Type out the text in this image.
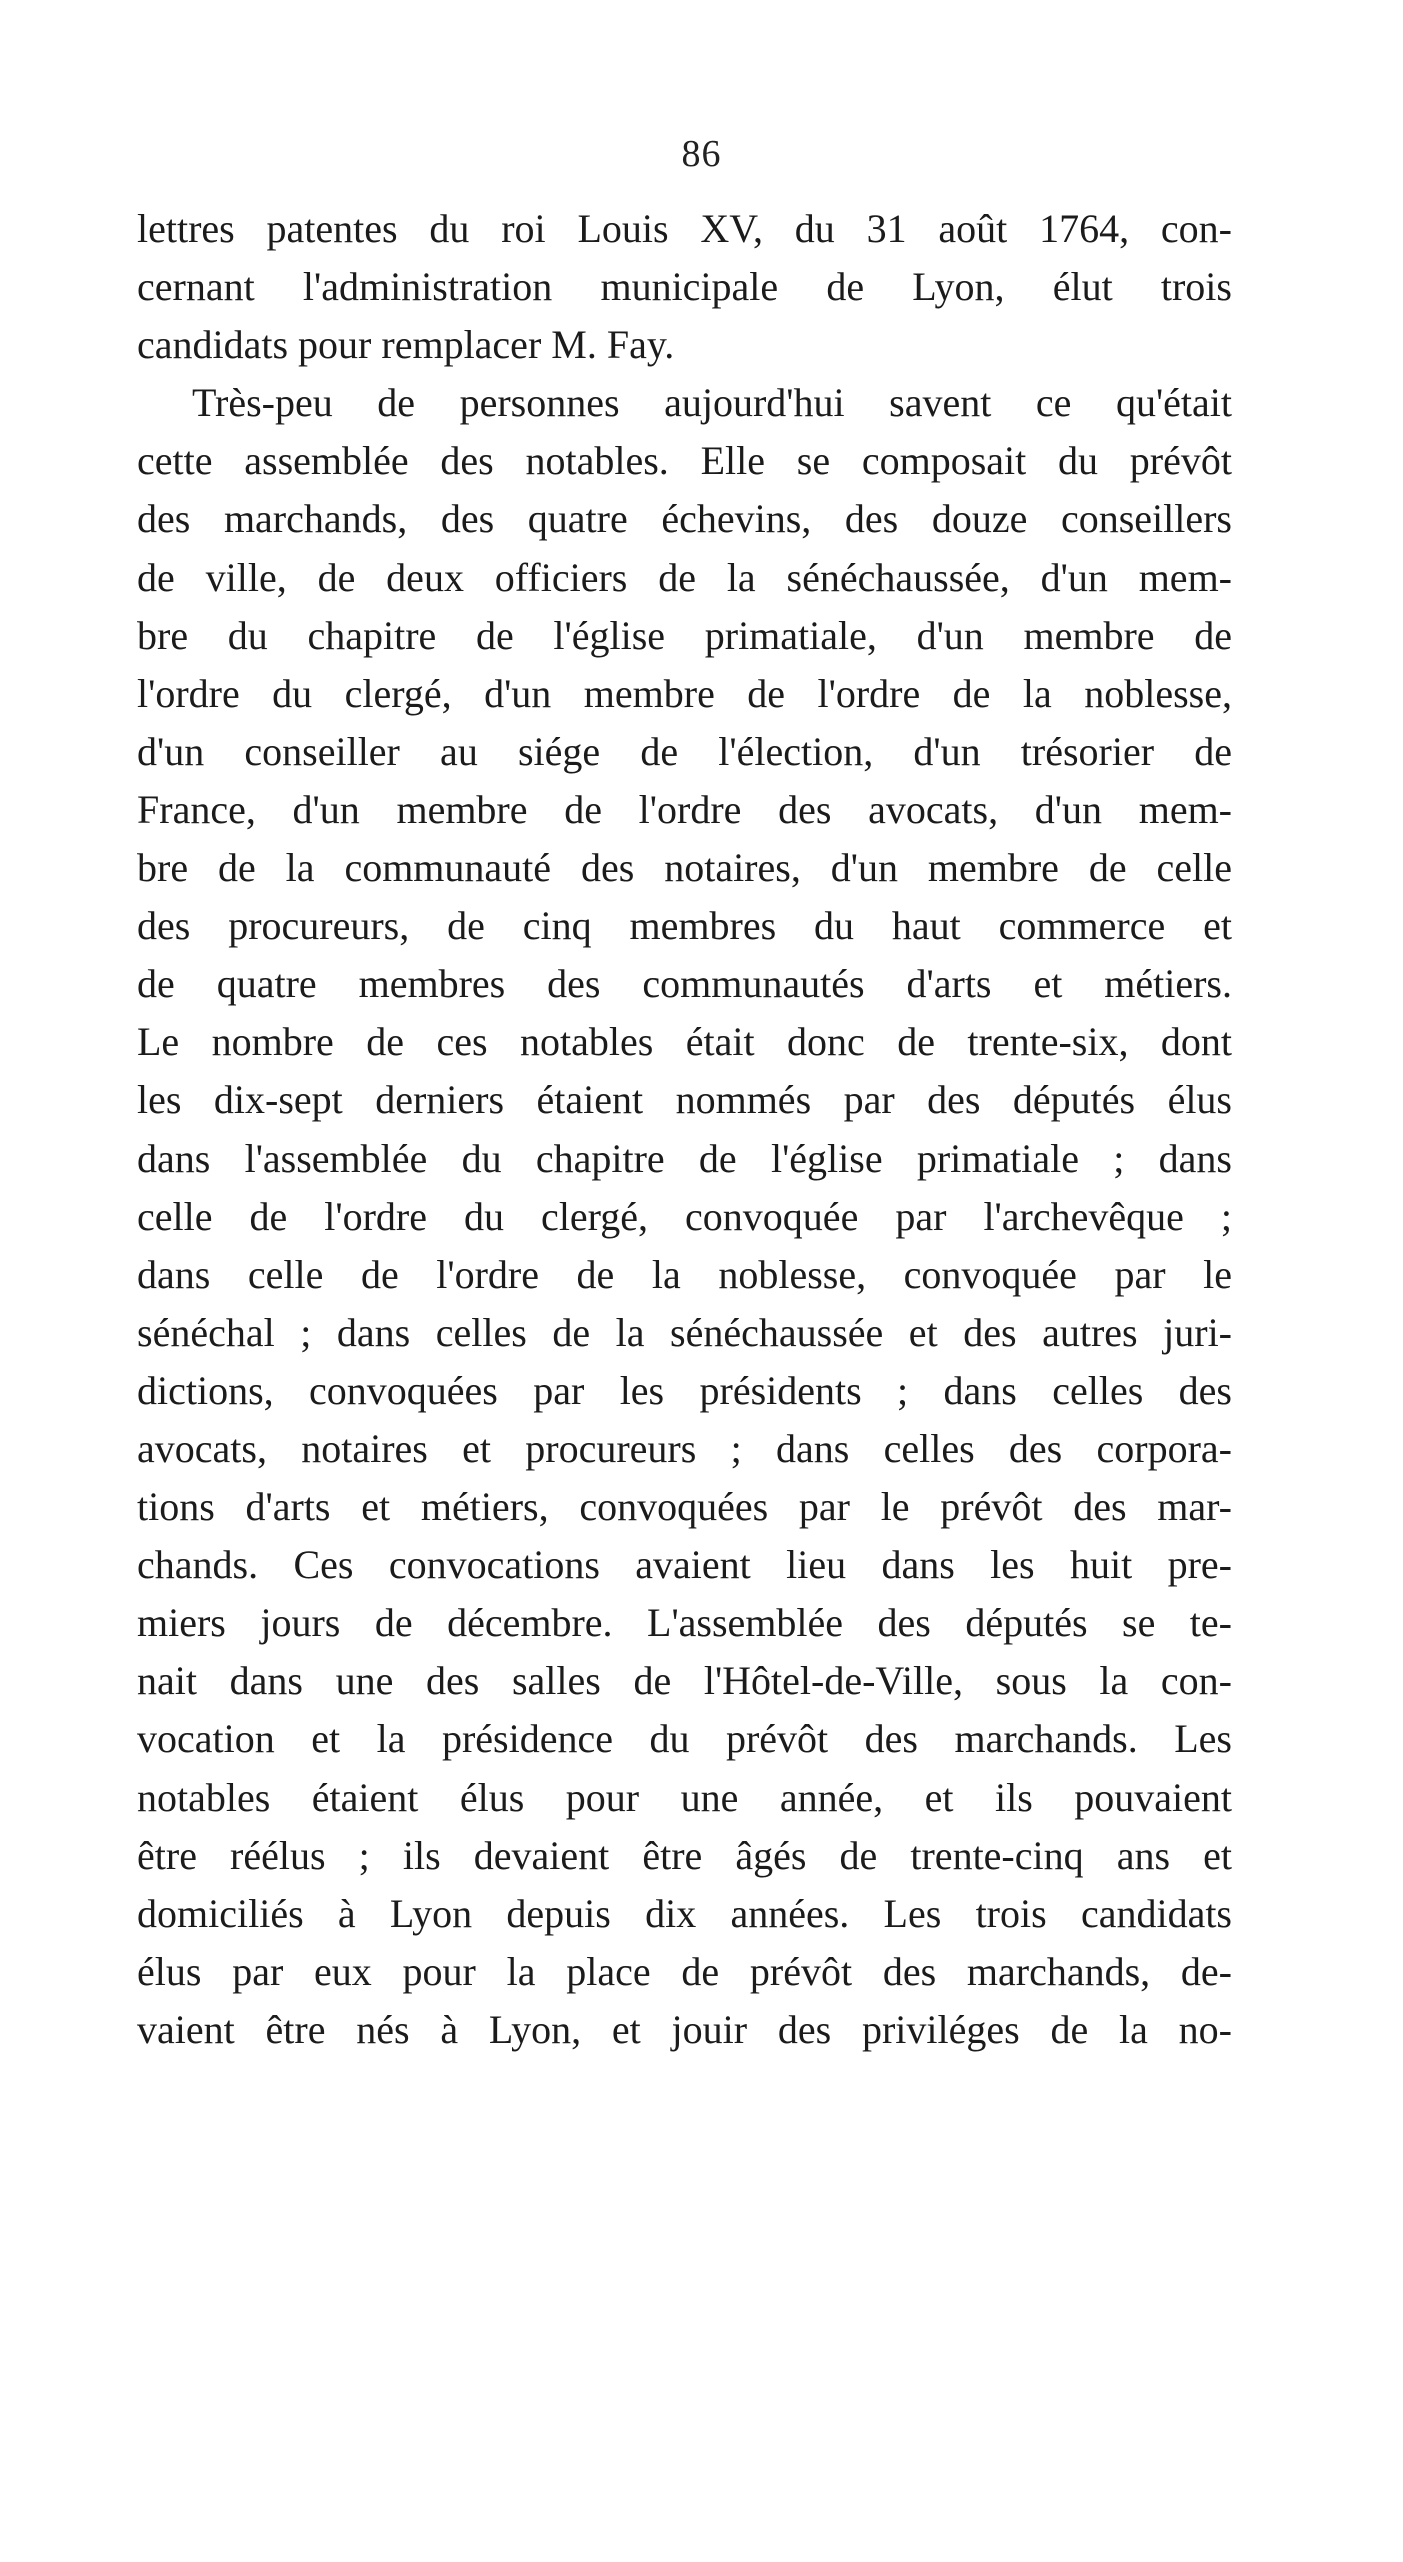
86
lettres patentes du roi Louis XV, du 31 août 1764, con-
cernant l'administration municipale de Lyon, élut trois
candidats pour remplacer M. Fay.
Très-peu de personnes aujourd'hui savent ce qu'était
cette assemblée des notables. Elle se composait du prévôt
des marchands, des quatre échevins, des douze conseillers
de ville, de deux officiers de la sénéchaussée, d'un mem-
bre du chapitre de l'église primatiale, d'un membre de
l'ordre du clergé, d'un membre de l'ordre de la noblesse,
d'un conseiller au siége de l'élection, d'un trésorier de
France, d'un membre de l'ordre des avocats, d'un mem-
bre de la communauté des notaires, d'un membre de celle
des procureurs, de cinq membres du haut commerce et
de quatre membres des communautés d'arts et métiers.
Le nombre de ces notables était donc de trente-six, dont
les dix-sept derniers étaient nommés par des députés élus
dans l'assemblée du chapitre de l'église primatiale ; dans
celle de l'ordre du clergé, convoquée par l'archevêque ;
dans celle de l'ordre de la noblesse, convoquée par le
sénéchal ; dans celles de la sénéchaussée et des autres juri-
dictions, convoquées par les présidents ; dans celles des
avocats, notaires et procureurs ; dans celles des corpora-
tions d'arts et métiers, convoquées par le prévôt des mar-
chands. Ces convocations avaient lieu dans les huit pre-
miers jours de décembre. L'assemblée des députés se te-
nait dans une des salles de l'Hôtel-de-Ville, sous la con-
vocation et la présidence du prévôt des marchands. Les
notables étaient élus pour une année, et ils pouvaient
être réélus ; ils devaient être âgés de trente-cinq ans et
domiciliés à Lyon depuis dix années. Les trois candidats
élus par eux pour la place de prévôt des marchands, de-
vaient être nés à Lyon, et jouir des priviléges de la no-
